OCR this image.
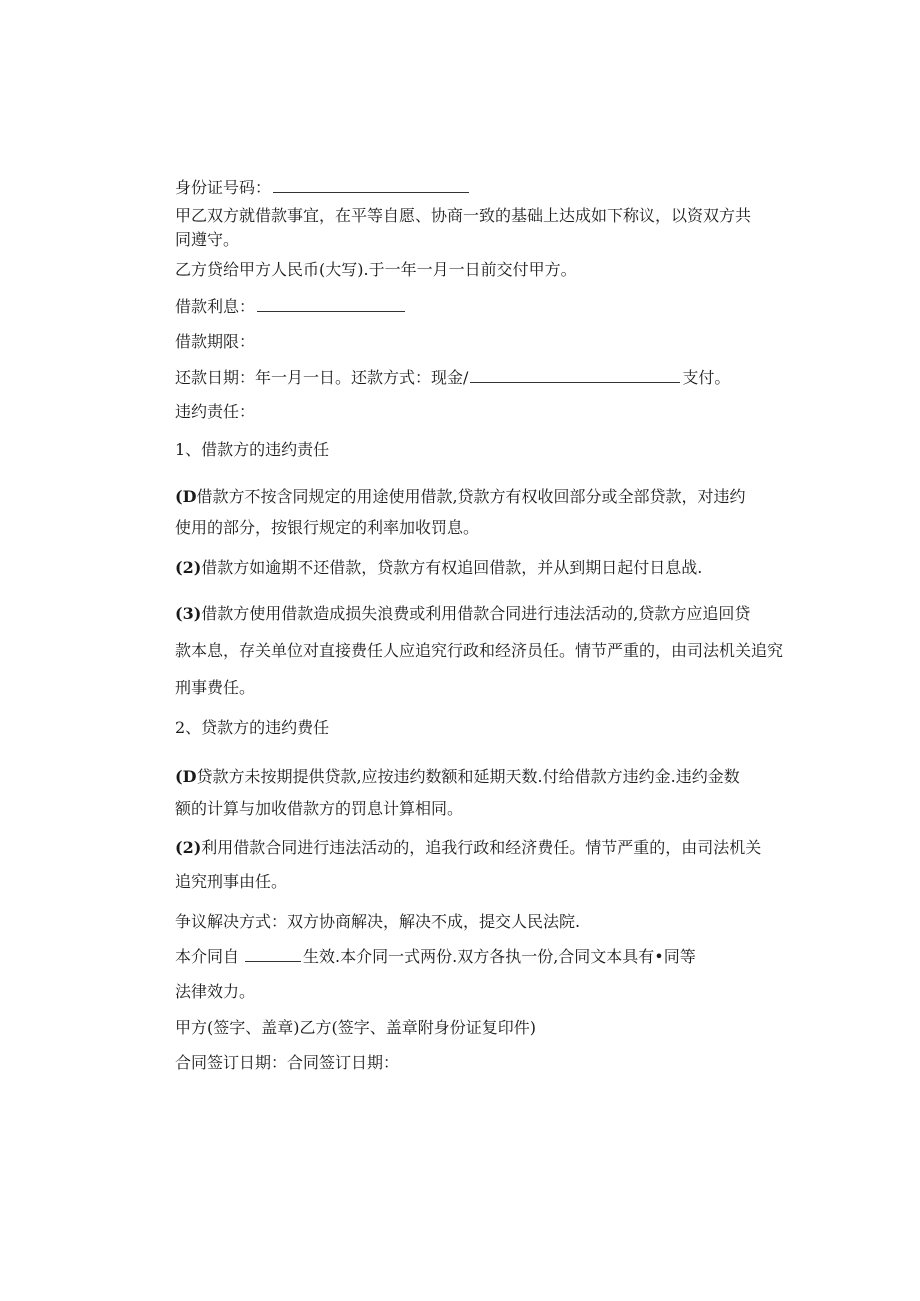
身份证号码：
甲乙双方就借款事宜，在平等自愿、协商一致的基础上达成如下称议，以资双方共
同遵守。
乙方贷给甲方人民币(大写).于一年一月一日前交付甲方。
借款利息：
借款期限：
还款日期：年一月一日。还款方式：现金/	支付。
违约责任：
1、借款方的违约责任
(D借款方不按含同规定的用途使用借款,贷款方有权收回部分或全部贷款，对违约
使用的部分，按银行规定的利率加收罚息。
(2)借款方如逾期不还借款，贷款方有权追回借款，并从到期日起付日息战.
(3)借款方使用借款造成损失浪费或利用借款合同进行违法活动的,贷款方应追回贷
款本息，存关单位对直接费任人应追究行政和经济员任。情节严重的，由司法机关追究
刑事费任。
2、贷款方的违约费任
(D贷款方未按期提供贷款,应按违约数额和延期天数.付给借款方违约金.违约金数
额的计算与加收借款方的罚息计算相同。
(2)利用借款合同进行违法活动的，追我行政和经济费任。情节严重的，由司法机关
追究刑事由任。
争议解决方式：双方协商解决，解决不成，提交人民法院.
本介同自	生效.本介同一式两份.双方各执一份,合同文本具有•同等
法律效力。
甲方(签字、盖章)乙方(签字、盖章附身份证复印件)
合同签订日期：合同签订日期：
